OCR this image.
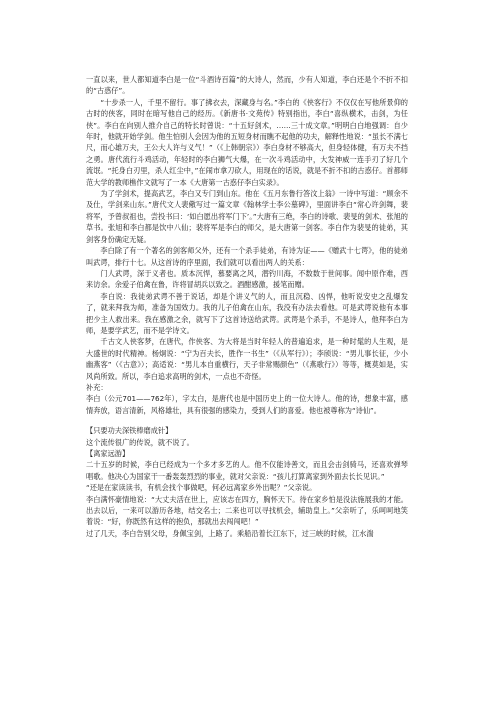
一直以来，世人都知道李白是一位“斗酒诗百篇”的大诗人，然而，少有人知道，李白还是个不折不扣的“古惑仔”。

“十步杀一人，千里不留行。事了拂衣去，深藏身与名。”李白的《侠客行》不仅仅在写他所景仰的古时的侠客，同时在暗写他自己的经历。《新唐书·文苑传》特别指出，李白“喜纵横术，击剑，为任侠”。李白在向别人推介自己的特长时曾说：“十五好剑术，……三十成文章。”明明白白地强调：自少年时，他就开始学剑。他生怕别人会因为他的五短身材而瞧不起他的功夫，解释性地说：“虽长不满七尺，而心雄万夫，王公大人许与义气！”（《上韩朝宗》）李白身材不够高大，但身轻体健，有万夫不挡之勇。唐代流行斗鸡活动，年轻时的李白狮气大爆，在一次斗鸡活动中，大发神威一连手刃了好几个流氓。“托身白刃里，杀人红尘中，”在闹市拿刀砍人，用现在的话说，就是不折不扣的古惑仔。首都师范大学的教师樵作文就写了一本《大唐第一古惑仔李白实录》。

为了学剑术，提高武艺，李白又专门到山东。他在《五月东鲁行答汶上翁》一诗中写道：“顾余不及仕，学剑来山东。”唐代文人裴儆写过一篇文章《翰林学士李公墓碑》，里面讲李白“常心许剑舞，裴将军，予曾叔祖也，尝投书曰：‘如白愿出将军门下’。”大唐有三绝，李白的诗歌、裴旻的剑术、张旭的草书。张旭和李白都是饮中八仙；裴将军是李白的师父，是大唐第一剑客。李白作为裴旻的徒弟，其剑客身份确定无疑。

李白除了有一个著名的剑客师父外，还有一个杀手徒弟，有诗为证——《赠武十七谔》，他的徒弟叫武谔，排行十七。从这首诗的序里面，我们就可以看出两人的关系：

门人武谔，深于义者也。质本沉悍，慕要离之风，潜钓川海，不数数于世间事。闻中原作难，西来访余。余爱子伯禽在鲁，许将冒胡兵以致之。酒酣感激，援笔而赠。

李白说：我徒弟武谔不善于说话，却是个讲义气的人，而且沉稳、凶悍，他听说安史之乱爆发了，就来拜我为师，准备为国效力。我的儿子伯禽在山东，我没有办法去看他。可是武谔说他有本事把少主人救出来。我在感激之余，就写下了这首诗送给武谔。武谔是个杀手，不是诗人，他拜李白为师，是要学武艺，而不是学诗文。

千古文人侠客梦，在唐代，作侠客、为大将是当时年轻人的普遍追求，是一种时髦的人生观，是大盛世的时代精神。杨炯说：“宁为百夫长，胜作一书生”（《从军行》）；李颀说：“男儿事长征，少小幽燕客”（《古意》）；高适说：“男儿本自重横行，天子非常赐颜色”（《燕歌行》）等等，概莫如是，实风尚所致。所以，李白追求高明的剑术，一点也不奇怪。

补充：

李白（公元701——762年），字太白，是唐代也是中国历史上的一位大诗人。他的诗，想象丰富，感情奔放，语言清新，风格雄壮，具有很强的感染力，受到人们的喜爱。他也被尊称为“诗仙”。

【只要功夫深铁棒磨成针】

这个流传很广的传说，就不说了。

【离家远游】

二十五岁的时候，李白已经成为一个多才多艺的人。他不仅能诗善文，而且会击剑骑马，还喜欢弹琴唱歌。他决心为国家干一番轰轰烈烈的事业，就对父亲说：“孩儿打算离家到外面去长长见识。”

“还是在家读读书，有机会找个事做吧，何必远离家乡外出呢？”父亲说。

李白满怀豪情地说：“大丈夫活在世上，应该志在四方，胸怀天下。待在家乡怕是没法施展我的才能。出去以后，一来可以游历各地，结交名士；二来也可以寻找机会，辅助皇上。”父亲听了，乐呵呵地笑着说：“好，你既然有这样的抱负，那就出去闯闯吧！”

过了几天，李白告别父母，身佩宝剑，上路了。乘船沿着长江东下，过三峡的时候，江水湍
